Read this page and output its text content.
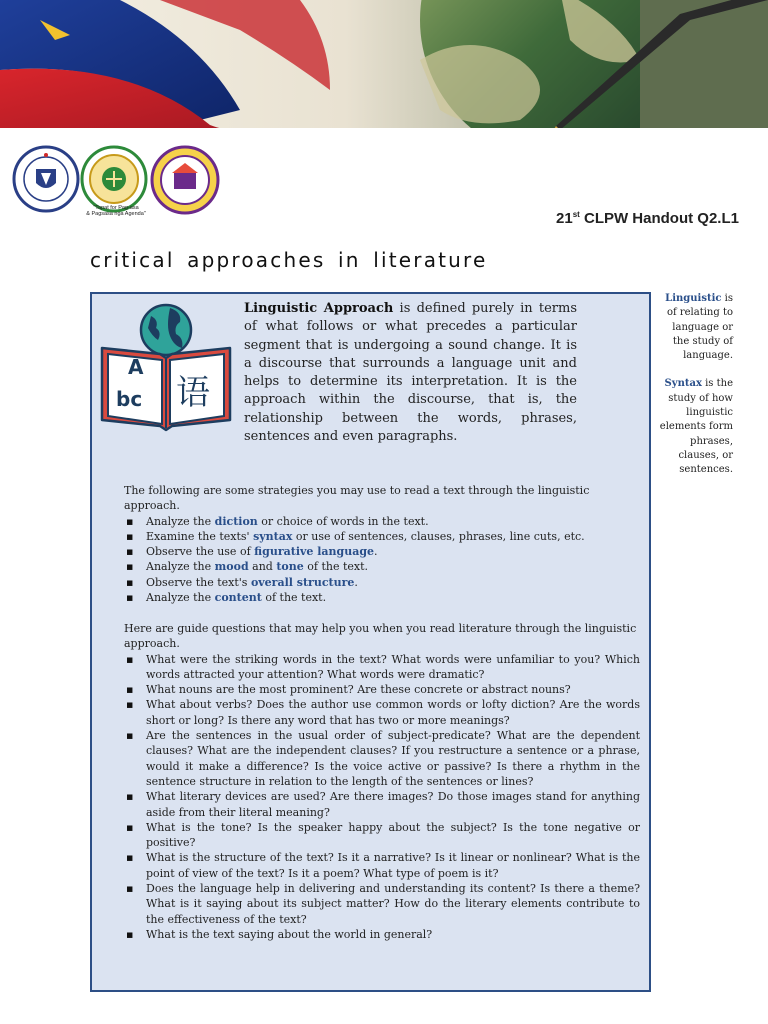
"Tapat for Pag-asa
& Pagsasa nga Agenda"	21st CLPW Handout Q2.L1
critical approaches in literature
A
bc 语

Linguistic Approach is defined purely in terms of what follows or what precedes a particular segment that is undergoing a sound change. It is a discourse that surrounds a language unit and helps to determine its interpretation. It is the approach within the discourse, that is, the relationship between the words, phrases, sentences and even paragraphs.

The following are some strategies you may use to read a text through the linguistic approach.

▪ Analyze the diction or choice of words in the text.
▪ Examine the texts' syntax or use of sentences, clauses, phrases, line cuts, etc.
▪ Observe the use of figurative language.
▪ Analyze the mood and tone of the text.
▪ Observe the text's overall structure.
▪ Analyze the content of the text.

Here are guide questions that may help you when you read literature through the linguistic approach.

▪ What were the striking words in the text? What words were unfamiliar to you? Which words attracted your attention? What words were dramatic?
▪ What nouns are the most prominent? Are these concrete or abstract nouns?
▪ What about verbs? Does the author use common words or lofty diction? Are the words short or long? Is there any word that has two or more meanings?
▪ Are the sentences in the usual order of subject-predicate? What are the dependent clauses? What are the independent clauses? If you restructure a sentence or a phrase, would it make a difference? Is the voice active or passive? Is there a rhythm in the sentence structure in relation to the length of the sentences or lines?
▪ What literary devices are used? Are there images? Do those images stand for anything aside from their literal meaning?
▪ What is the tone? Is the speaker happy about the subject? Is the tone negative or positive?
▪ What is the structure of the text? Is it a narrative? Is it linear or nonlinear? What is the point of view of the text? Is it a poem? What type of poem is it?
▪ Does the language help in delivering and understanding its content? Is there a theme? What is it saying about its subject matter? How do the literary elements contribute to the effectiveness of the text?
▪ What is the text saying about the world in general?

Linguistic is of relating to language or the study of language.

Syntax is the study of how linguistic elements form phrases, clauses, or sentences.
